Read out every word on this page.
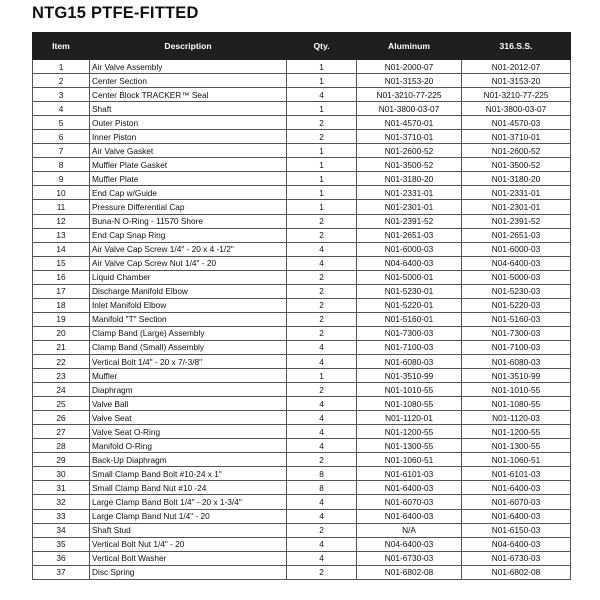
NTG15 PTFE-FITTED
Item	Description	Qty.	Aluminum	316.S.S.
1	Air Valve Assembly	1	N01-2000-07	N01-2012-07
2	Center Section	1	N01-3153-20	N01-3153-20
3	Center Block TRACKER™ Seal	4	N01-3210-77-225	N01-3210-77-225
4	Shaft	1	N01-3800-03-07	N01-3800-03-07
5	Outer Piston	2	N01-4570-01	N01-4570-03
6	Inner Piston	2	N01-3710-01	N01-3710-01
7	Air Valve Gasket	1	N01-2600-52	N01-2600-52
8	Muffler Plate Gasket	1	N01-3500-52	N01-3500-52
9	Muffler Plate	1	N01-3180-20	N01-3180-20
10	End Cap w/Guide	1	N01-2331-01	N01-2331-01
11	Pressure Differential Cap	1	N01-2301-01	N01-2301-01
12	Buna-N O-Ring - 11570 Shore	2	N01-2391-52	N01-2391-52
13	End Cap Snap Ring	2	N01-2651-03	N01-2651-03
14	Air Valve Cap Screw 1/4" - 20 x 4 -1/2"	4	N01-6000-03	N01-6000-03
15	Air Valve Cap Screw Nut 1/4" - 20	4	N04-6400-03	N04-6400-03
16	Liquid Chamber	2	N01-5000-01	N01-5000-03
17	Discharge Manifold Elbow	2	N01-5230-01	N01-5230-03
18	Inlet Manifold Elbow	2	N01-5220-01	N01-5220-03
19	Manifold "T" Section	2	N01-5160-01	N01-5160-03
20	Clamp Band (Large) Assembly	2	N01-7300-03	N01-7300-03
21	Clamp Band (Small) Assembly	4	N01-7100-03	N01-7100-03
22	Vertical Bolt 1/4" - 20 x 7/-3/8"	4	N01-6080-03	N01-6080-03
23	Muffler	1	N01-3510-99	N01-3510-99
24	Diaphragm	2	N01-1010-55	N01-1010-55
25	Valve Ball	4	N01-1080-55	N01-1080-55
26	Valve Seat	4	N01-1120-01	N01-1120-03
27	Valve Seat O-Ring	4	N01-1200-55	N01-1200-55
28	Manifold O-Ring	4	N01-1300-55	N01-1300-55
29	Back-Up Diaphragm	2	N01-1060-51	N01-1060-51
30	Small Clamp Band Bolt #10-24 x 1"	8	N01-6101-03	N01-6101-03
31	Small Clamp Band Nut #10 -24	8	N01-6400-03	N01-6400-03
32	Large Clamp Band Bolt 1/4" - 20 x 1-3/4"	4	N01-6070-03	N01-6070-03
33	Large Clamp Band Nut 1/4" - 20	4	N01-6400-03	N01-6400-03
34	Shaft Stud	2	N/A	N01-6150-03
35	Vertical Bolt Nut 1/4" - 20	4	N04-6400-03	N04-6400-03
36	Vertical Bolt Washer	4	N01-6730-03	N01-6730-03
37	Disc Spring	2	N01-6802-08	N01-6802-08
